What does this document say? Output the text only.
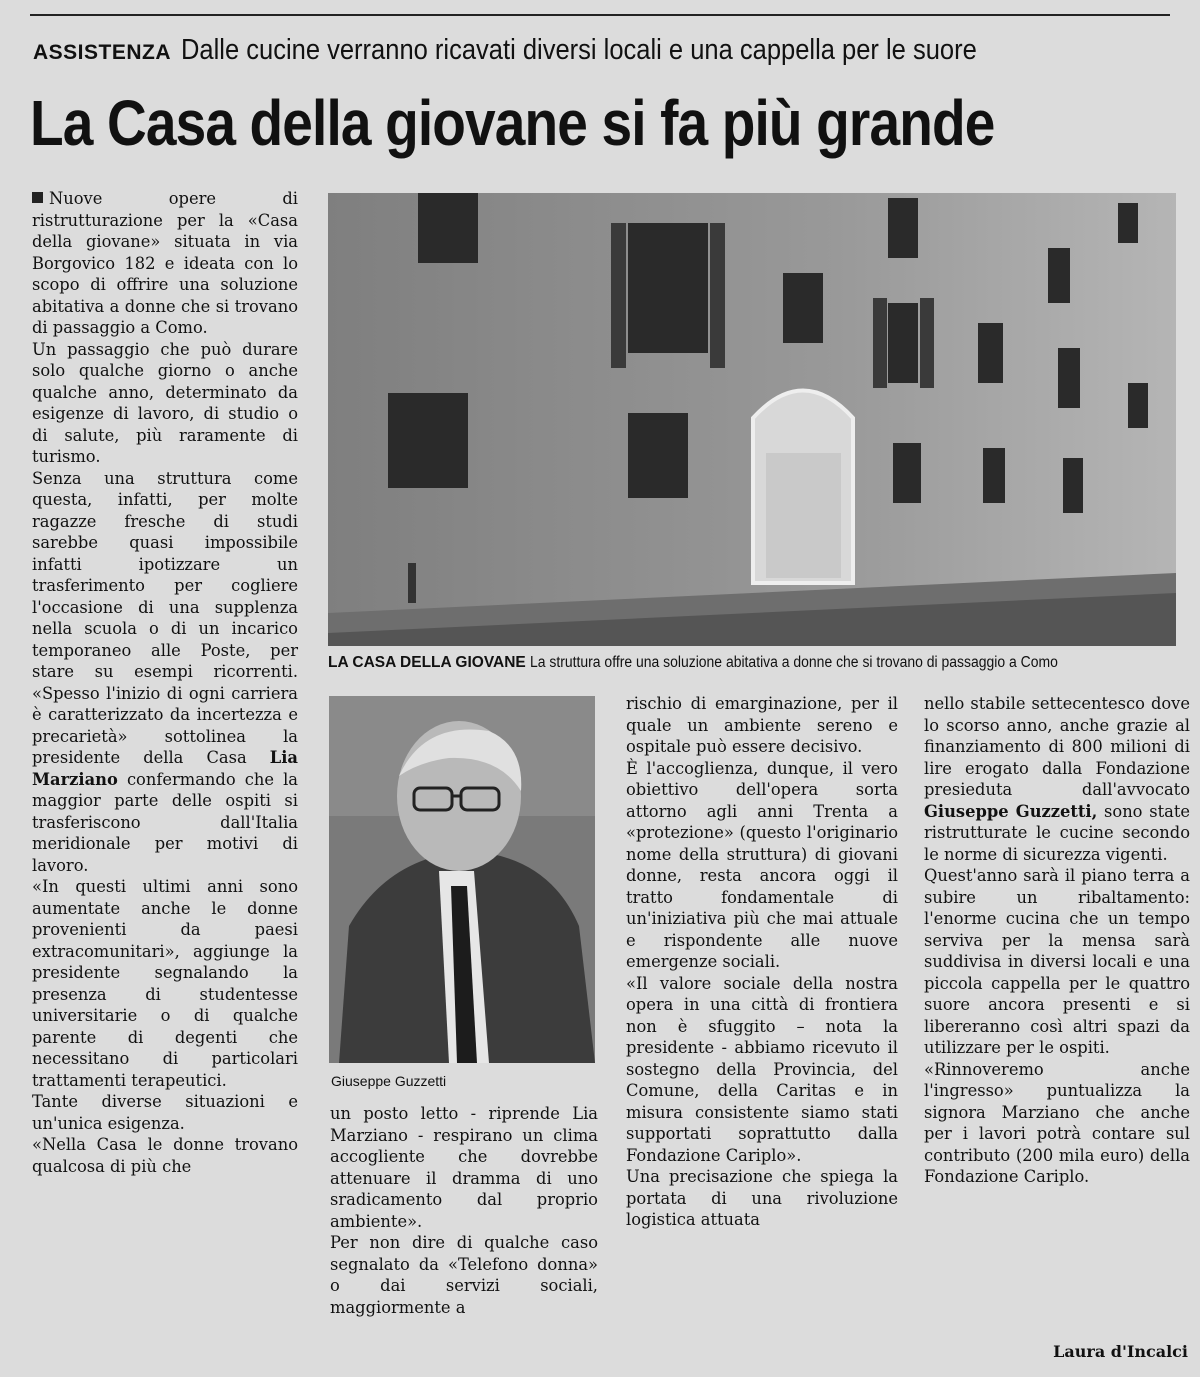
ASSISTENZA Dalle cucine verranno ricavati diversi locali e una cappella per le suore
La Casa della giovane si fa più grande

Nuove opere di ristrutturazione per la «Casa della giovane» situata in via Borgovico 182 e ideata con lo scopo di offrire una soluzione abitativa a donne che si trovano di passaggio a Como.

Un passaggio che può durare solo qualche giorno o anche qualche anno, determinato da esigenze di lavoro, di studio o di salute, più raramente di turismo.

Senza una struttura come questa, infatti, per molte ragazze fresche di studi sarebbe quasi impossibile infatti ipotizzare un trasferimento per cogliere l'occasione di una supplenza nella scuola o di un incarico temporaneo alle Poste, per stare su esempi ricorrenti. «Spesso l'inizio di ogni carriera è caratterizzato da incertezza e precarietà» sottolinea la presidente della Casa Lia Marziano confermando che la maggior parte delle ospiti si trasferiscono dall'Italia meridionale per motivi di lavoro.

«In questi ultimi anni sono aumentate anche le donne provenienti da paesi extracomunitari», aggiunge la presidente segnalando la presenza di studentesse universitarie o di qualche parente di degenti che necessitano di particolari trattamenti terapeutici.

Tante diverse situazioni e un'unica esigenza.

«Nella Casa le donne trovano qualcosa di più che

LA CASA DELLA GIOVANE La struttura offre una soluzione abitativa a donne che si trovano di passaggio a Como
Giuseppe Guzzetti

un posto letto - riprende Lia Marziano - respirano un clima accogliente che dovrebbe attenuare il dramma di uno sradicamento dal proprio ambiente».

Per non dire di qualche caso segnalato da «Telefono donna» o dai servizi sociali, maggiormente a

rischio di emarginazione, per il quale un ambiente sereno e ospitale può essere decisivo.

È l'accoglienza, dunque, il vero obiettivo dell'opera sorta attorno agli anni Trenta a «protezione» (questo l'originario nome della struttura) di giovani donne, resta ancora oggi il tratto fondamentale di un'iniziativa più che mai attuale e rispondente alle nuove emergenze sociali.

«Il valore sociale della nostra opera in una città di frontiera non è sfuggito – nota la presidente - abbiamo ricevuto il sostegno della Provincia, del Comune, della Caritas e in misura consistente siamo stati supportati soprattutto dalla Fondazione Cariplo».

Una precisazione che spiega la portata di una rivoluzione logistica attuata

nello stabile settecentesco dove lo scorso anno, anche grazie al finanziamento di 800 milioni di lire erogato dalla Fondazione presieduta dall'avvocato Giuseppe Guzzetti, sono state ristrutturate le cucine secondo le norme di sicurezza vigenti.

Quest'anno sarà il piano terra a subire un ribaltamento: l'enorme cucina che un tempo serviva per la mensa sarà suddivisa in diversi locali e una piccola cappella per le quattro suore ancora presenti e si libereranno così altri spazi da utilizzare per le ospiti.

«Rinnoveremo anche l'ingresso» puntualizza la signora Marziano che anche per i lavori potrà contare sul contributo (200 mila euro) della Fondazione Cariplo.

Laura d'Incalci
